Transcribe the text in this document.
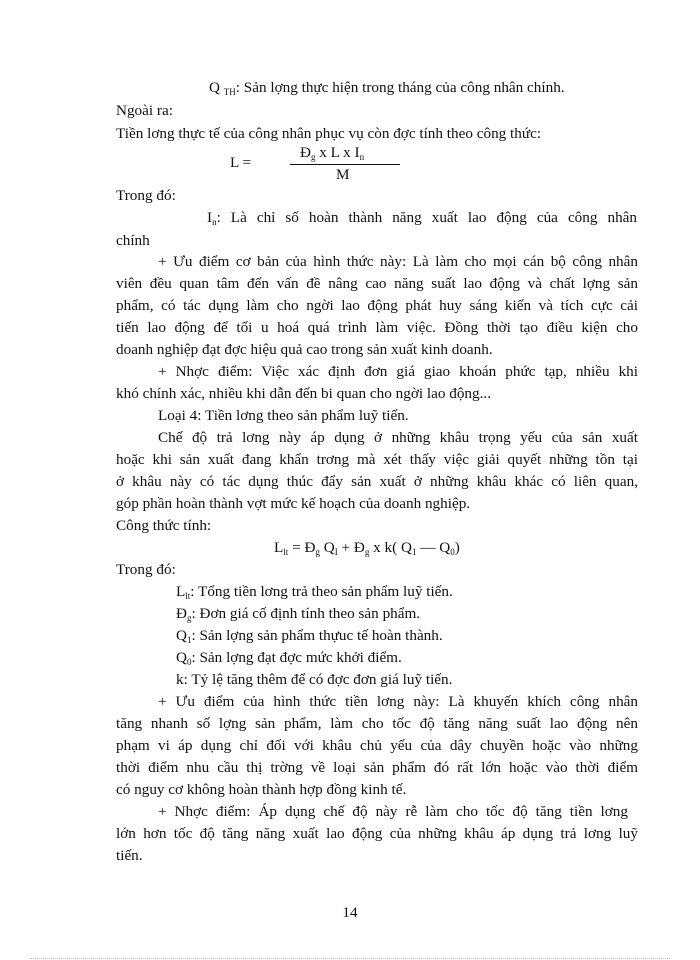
Q $_{TH}$: Sản lợng thực hiện trong tháng của công nhân chính.
Ngoài ra:
Tiền lơng thực tế của công nhân phục vụ còn đợc tính theo công thức:
L =
$Đ_g$ x L x $I_n$
M
Trong đó:
$I_n$: Là chỉ số hoàn thành năng xuất lao động của công nhân
chính
+ Ưu điểm cơ bản của hình thức này: Là làm cho mọi cán bộ công nhân
viên đều quan tâm đến vấn đề nâng cao năng suất lao động và chất lợng sản
phẩm, có tác dụng làm cho ngời lao động phát huy sáng kiến và tích cực cải
tiến lao động để tối u hoá quá trình làm việc. Đồng thời tạo điều kiện cho
doanh nghiệp đạt đợc hiệu quả cao trong sản xuất kinh doanh.
+ Nhợc điểm: Việc xác định đơn giá giao khoán phức tạp, nhiều khi
khó chính xác, nhiều khi dẫn đến bi quan cho ngời lao động...
Loại 4: Tiền lơng theo sản phẩm luỹ tiến.
Chế độ trả lơng này áp dụng ở những khâu trọng yếu của sản xuất
hoặc khi sản xuất đang khẩn trơng mà xét thấy việc giải quyết những tồn tại
ở khâu này có tác dụng thúc đẩy sản xuất ở những khâu khác có liên quan,
góp phần hoàn thành vợt mức kế hoạch của doanh nghiệp.
Công thức tính:
$L_{lt}$ = $Đ_g$ $Q_I$ + $Đ_g$ x k( $Q_1$ — $Q_0$)
Trong đó:
$L_{lt}$: Tổng tiền lơng trả theo sản phẩm luỹ tiến.
$Đ_g$: Đơn giá cố định tính theo sản phẩm.
$Q_1$: Sản lợng sản phẩm thựuc tế hoàn thành.
$Q_0$: Sản lợng đạt đợc mức khởi điểm.
k: Tỷ lệ tăng thêm để có đợc đơn giá luỹ tiến.
+ Ưu điểm của hình thức tiền lơng này: Là khuyến khích công nhân
tăng nhanh số lợng sản phẩm, làm cho tốc độ tăng năng suất lao động nên
phạm vi áp dụng chỉ đối với khâu chủ yếu của dây chuyền hoặc vào những
thời điểm nhu cầu thị trờng về loại sản phẩm đó rất lớn hoặc vào thời điểm
có nguy cơ không hoàn thành hợp đồng kinh tế.
+ Nhợc điểm: Áp dụng chế độ này rễ làm cho tốc độ tăng tiền lơng
lớn hơn tốc độ tăng năng xuất lao động của những khâu áp dụng trả lơng luỹ
tiến.
14
